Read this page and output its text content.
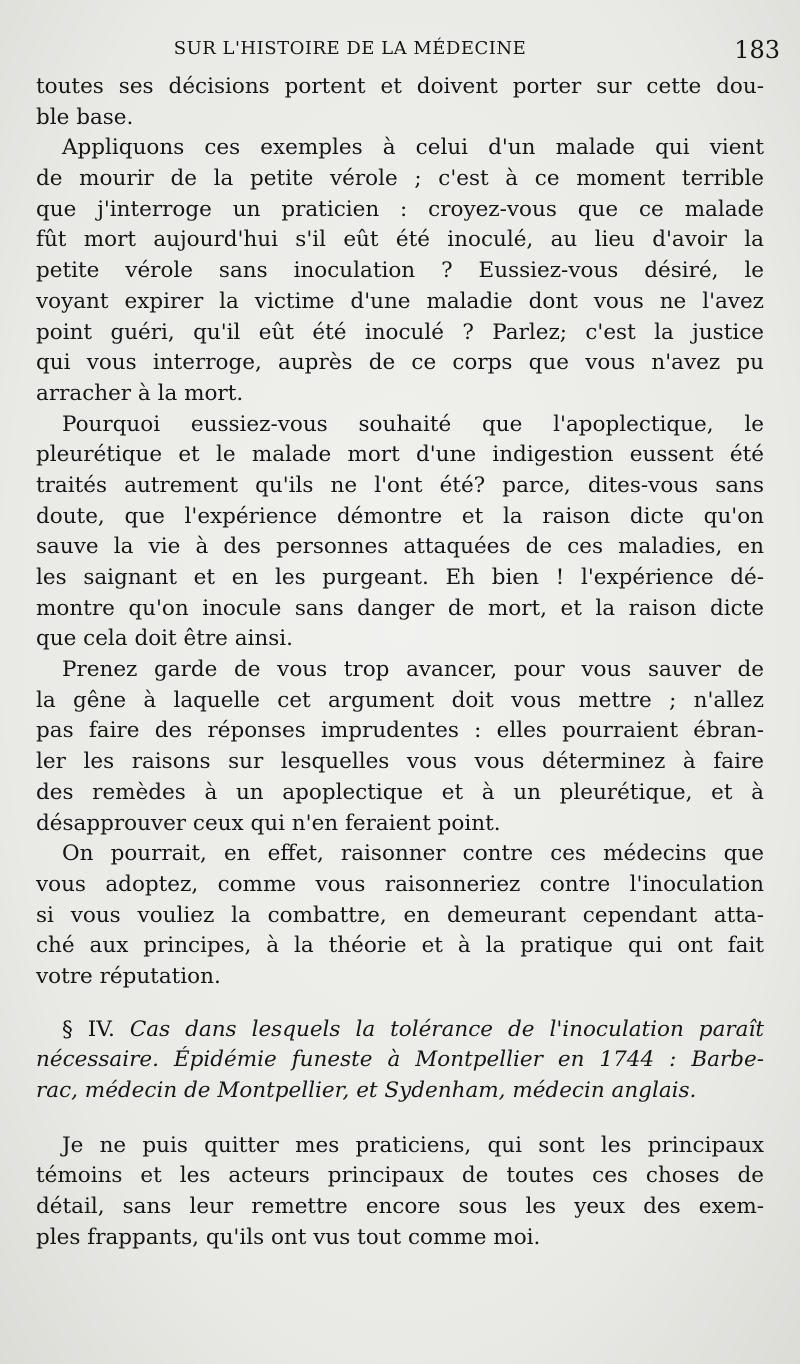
SUR L'HISTOIRE DE LA MÉDECINE	183
toutes ses décisions portent et doivent porter sur cette dou-
ble base.
Appliquons ces exemples à celui d'un malade qui vient
de mourir de la petite vérole ; c'est à ce moment terrible
que j'interroge un praticien : croyez-vous que ce malade
fût mort aujourd'hui s'il eût été inoculé, au lieu d'avoir la
petite vérole sans inoculation ? Eussiez-vous désiré, le
voyant expirer la victime d'une maladie dont vous ne l'avez
point guéri, qu'il eût été inoculé ? Parlez; c'est la justice
qui vous interroge, auprès de ce corps que vous n'avez pu
arracher à la mort.
Pourquoi eussiez-vous souhaité que l'apoplectique, le
pleurétique et le malade mort d'une indigestion eussent été
traités autrement qu'ils ne l'ont été? parce, dites-vous sans
doute, que l'expérience démontre et la raison dicte qu'on
sauve la vie à des personnes attaquées de ces maladies, en
les saignant et en les purgeant. Eh bien ! l'expérience dé-
montre qu'on inocule sans danger de mort, et la raison dicte
que cela doit être ainsi.
Prenez garde de vous trop avancer, pour vous sauver de
la gêne à laquelle cet argument doit vous mettre ; n'allez
pas faire des réponses imprudentes : elles pourraient ébran-
ler les raisons sur lesquelles vous vous déterminez à faire
des remèdes à un apoplectique et à un pleurétique, et à
désapprouver ceux qui n'en feraient point.
On pourrait, en effet, raisonner contre ces médecins que
vous adoptez, comme vous raisonneriez contre l'inoculation
si vous vouliez la combattre, en demeurant cependant atta-
ché aux principes, à la théorie et à la pratique qui ont fait
votre réputation.
§ IV. Cas dans lesquels la tolérance de l'inoculation paraît
nécessaire. Épidémie funeste à Montpellier en 1744 : Barbe-
rac, médecin de Montpellier, et Sydenham, médecin anglais.
Je ne puis quitter mes praticiens, qui sont les principaux
témoins et les acteurs principaux de toutes ces choses de
détail, sans leur remettre encore sous les yeux des exem-
ples frappants, qu'ils ont vus tout comme moi.
